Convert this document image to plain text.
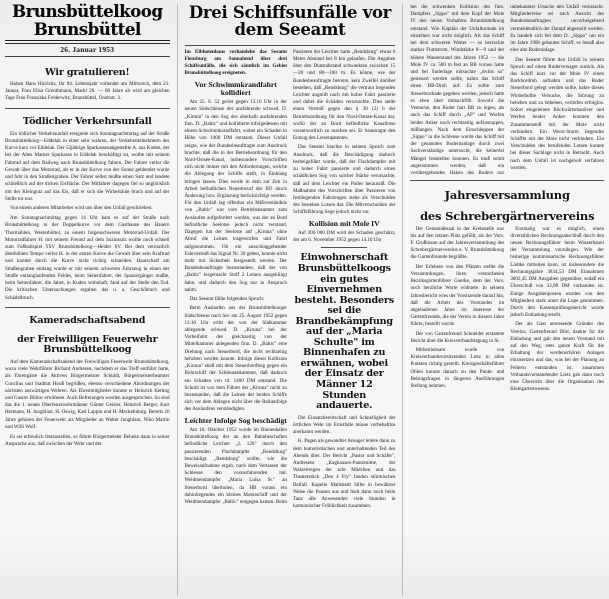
Brunsbüttelkoog
Brunsbüttel
26. Januar 1953
Wir gratulieren!

Haben Hans Hinrichs, Ihr 84. Lebensjahr vollendet am Mittwoch, dem 21. Januar, Frau Elisa Groothmann, Markt 28. — 80 Jahre alt wird am gleichen Tage Frau Franziska Frederwitz, Brunsbüttel, Oostrstr. 3.

Tödlicher Verkehrsunfall

Ein tödlicher Verkehrsunfall ereignete sich Sonntagnachmittag auf der Straße Brunsbüttelkoog—Eddelak in einer sehr wahren, der Verkehrsteilnehmern des Kurve kurz vor Eddelak. Der 52jährige Sparkassenangestellte A. aus Kuden, der bei der Altes Marner Sparkasse in Eddelak beschäftigt ist, wollte mit seinem Fahrrad auf dem Radweg nach Brunsbüttelkoog fahren. Der Fahrer verlor die Gewalt über das Motorrad, als er in der Kurve von der Sonne geblendet wurde und fuhr in den Straßengraben. Der Fahrer selbst mußte einen Satz und landete schließlich auf der dicken Eisfläche. Der Mitfahrer dagegen fiel so unglücklich mit der Kleingutz auf das Eis, daß er sich die Wirbelsäule brach und auf der Stelle tot war.

Von einem anderen Mitarbeiter wird uns über den Unfall geschrieben:

Am Sonntagnachmittag gegen 14 Uhr kam es auf der Straße nach Brunsbüttelkoog in der Doppelkurve vor dem Gasthause des Bauern Thormählen, Westerbüttel, zu einem folgenschweren Motorrad-Unfall. Der Motorradfahrer H. mit seinem Freund auf dem Soziussitz wollte noch schnell zum Fußballspiel TSV Brunsbüttelkoog—Heider SV. Bei dem vermutlich überhöhten Tempo verlor H. in der ersten Kurve die Gewalt über sein Kraftrad und konnte durch die Kurve nicht richtig schneiden. Haarscharf am Straßengraben entlang wurde er mit seinem schweren Fahrzeug in einen der Straße entlanglaufenden Feldes, beim Seitenfahrer, der Spaziergänger mußte, beim Seitenfahrer, die Jahre, in Kuden wohnhaft, fand auf der Stelle den Tod. Die kritischen Untersuchungen ergaben das u. a. Geschöbrach und Schädelbruch.

Kameradschaftsabend
der Freiwilligen Feuerwehr Brunsbüttelkoog

Auf dem Kameradschaftsabend der Freiwilligen Feuerwehr Brunsbüttelkoog, wozu viele Wehrführer Richard Andresen, nachdem er das Treff entführt hatte, als Ehrengäste die Aktiven Bürgermeister Schuldt, Bürgermeisterbeamter Conclius und Stadtrat Houß begrüßen, ebenso verschiedene Abordnungen der nächsten auswärtigen Wehren. Als Ehrenmitglieder konnte er Heinrich Ketting und Gustav Bülow erwähnen. Auch Befreiungen wurden ausgesprochen. So sind das die 1. neuen Oberfeuerwehrmänner Günter Geisler, Heinrich Berger, Kurt Hermann, H. Jungblaut, H. Oswig, Karl Lappin und H. Meckelnburg. Bereits 26 Jahre gehören der Feuerwehr als Mitglieder an Walter Jungblaut, Niko Martin und Willi Wolf.

Es sei erfreulich festzustellen, so führte Bürgermeister Behnke dann in seiner Ansprache aus, daß zwischen der Wehr und der

Drei Schiffsunfälle vor dem Seeamt

Im Elbhotenhaus verhandelte das Seeamt Flensburg am Sonnabend über drei Schiffsunfälle, die sich sämtlich im Gebiet Brunsbüttelkoog ereigneten.

Vor Schwimmkrandfahrt kollidiert

Am 25. 8. 52 geriet gegen 13.10 Uhr in der neuen Südschleuse der ausfahrende schwed. D. „Kiruna" in den Sog des oberhalb ausfahrenden finn. D. „Baltic" und kollidierte infolgedessen mit einem Schwimmkrandfahrt, wobei ein Schaden in Höhe von 1400 DM entstand. Dieser Unfall zeigte, wie der Bundesbeauftragte zum Ausdruck brachte, daß die in der Betriebsordnung für den Nord-Ostsee-Kanal, insbesondere Vorschriften sich nicht immer mit den Anforderungen, welche die Ablegung der Schiffe stellt, in Einklang bringen lassen. Dies werde in dem zur Zeit in Arbeit befindlichen Neuentwurf der BO durch Änderung bzw. Ergänzung berücksichtigt werden. Für den Unfall lag offenbar ein Mißverständnis von „Baltic" war vom Betriebsbeamter zum Auslaufen aufgefordert worden, was der an Bord befindliche Seelotse jedoch nicht verstand. Dagegen hat der Seelotse auf „Kiruna" ohne Abruf die Leinen losgeworfen und Fahrt aufgenommen. Ob ein ausschlaggebender Fahrverstoß das Signal Nr. 30 geben, konnte nicht mehr mit Sicherheit festgestellt werden. Der Bundesbeauftragte beanstandete, daß der von „Baltic" losgemacht Stoff 2 Leinen ausgeklingt habe, und dadurch den Sog nur in Anspruch nahm.

Das Seeamt fällte folgenden Spruch:

Beim Auslaufen aus der Brunsbüttelkooger Südschleuse nach Sec am 25. August 1952 gegen 13.10 Uhr erlitt der von der Südkammer ablegende schwed. D. „Kiruna" bei der Vorbeifahrt des gleichzeitig von der Mittelkammer ablegenden finn. D. „Baltic" eine Drehung nach Steuerbord, die nicht rechtzeitig behoben werden konnte. Infolge dieser Kollision „Kiruna" stieß mit dem Steuerbordbug gegen ein Bohrschiff der Schleusenkammer, daß dadurch ein Schaden von rd. 1400 DM entstand. Die Schuld ist von dem Führer der „Kiruna" nicht zu beanstanden, daß die Leinen der beiden Schiffe sich vor dem Ablegen nicht über die Reihenfolge des Auslaufens verständigten.

Leichter Infolge Sog beschädigt

Am 16. Oktober 1952 wurde im Binnenhafen Brunsbüttelkoog der an den Bahnbeschaften befindliche Leichter „L 120" durch den passierenden Flachdampfer „Rendsburg" beschädigt. „Rendsburg" wollte, wie die Beweisaufnahme ergab, nach dem Vertassen der Schleuse den vorausfahrenden ital. Weidmendampfer „Maria Luisa Sr." an Steuerbord überholen, da HB voraus ein dahinliegendes ein kleines Motorschiff und der Weidmendampfer „Baltic" entgegen kamen. Beim Passieren der Leichter hatte „Rendsburg" etwas 6 Meter Abstand bei 8 km gelaufen. Die Angaben über den Dunstabstand schwankten zwischen 15—20 und 80—100 m. Es könne, wie der Bundesbeauftragte betonte, kein Zweifel darüber bestehen, daß „Rendsburg" die vertraut liegenden Leichter angreift nach mit hoher Fahrt passierte und dabei die Schäden verursachte. Dies stelle einen Verstoß gegen den § 38 (2) b der Betriebsordnung für den Nord-Ostsee-Kanal dar, wofür der an Bord befindliche Kanallotse verantwortlich zu machen sei. Er beantragte den Entzug des Lotsenpatentes.

Das Seeamt brachte in seinem Spruch zum Ausdruck, daß die Beschädigung dadurch herbeigeführt wurde, daß der Flachdampfer mit zu hoher Fahrt passierte und dadurch einen schädlichen Sog von solcher Stärke verursachte, daß auf dem Leichter ein Puller herausriß. Die Maßnahme des Vorschriften über Passieren von festliegenden Fahrzeugen stehe als Verschulden des bestehen Lotsen dar. Die Mitverschulden der Schiffsführung liege jedoch nicht vor.

Kollision mit Mole IV

Auf 200 000 DM wird der Schaden geschätzt, der am 6. November 1952 gegen 14.10 Uhr

Einwohnerschaft Brunsbüttelkoogs ein gutes Einvernehmen besteht. Besonders sei die Brandbekämpfung auf der „Maria Schulte" im Binnenhafen zu erwähnen, wobei der Einsatz der Männer 12 Stunden andauerte.

Die Einsatzbereitschaft und Schnelligkeit der örtlichen Wehr im Ernstfalle müsse vorbehaltlos anerkannt werden.

K. Pagen als gewandter Ansager leitete dann zu dem humoristischen und unterhaltenden Teil des Abends über. Der Bericht „Pastor und Schäfer", Andresens „Kaghausen-Pantomime, der Walzerreigen der acht Mädchen und das Theaterstück „Den 4 Fry" fanden stürmischen Beifall. Kapelle Mahlstedt fällte in bewährter Weise die Pausen aus und hielt dann noch beim Tanz alle Anwesenden viele Stunden in harmonischer Fröhlichkeit zusammen.

bei der schwenken Kollision des finn. Dampfers „Sippo" mit dem Kopf der Mole IV den neuen Vorhafens Brunsbüttelkoog entstand. Wie Kapitän der Unfallurunde im einzelnen war nicht möglich. Als das Schiff bei dem schweren Wetter — so herzschie starker Fluttstrom, Windstärke 8—9 und der höhere Wasserstand des Jahres 1952 — die Mole IV ca. 500 m fest an BB voraus hatte und bei Suderlage mitsuchte „rechts so" gesteuert werden sollte, nahm das Schiff einen BB-Droh auf. Es sollte zum Steuerbordrade gegeben werden, jedoch hatte es eben über mitsuchfilb. Sowohl die Versuche, den Ruder hart BB zu legen, als auch das Schiff durch „AP" und Worfen beider Anker noch rechtzeitig aufzustoppen, mißlangen. Nach dem Einschleppen der „Sippo" in die Schleuse wurde das Schiff mit der genannten Budernanlage durch zwei Sachverständige untersucht, die keinerlei Mängel feststellen konnten. Es muß somit angenommen werden, daß ein vorübergehendes Haken des Ruders nur unbekannter Ursache den Unfall verursacht. Mitgliederreise sei nach Ansicht des Bundesbeauftragten unvorbeigehend vermeidendlich der Dampf abgestellt werden. Es handelt sich bei dem D. „Sippo" um ein im Jahre 1908 gebautes Schiff, es besaß also eine alte Ruderanlage.

Das Seeamt führte den Unfall in seinem Spruch auf einen Ruderversager zurück. Als das Schiff kurz vor der Mole IV einen Backbordroh aufnahm und das Ruder Steuerbord gelegt werden sollte, hakte dieses Wirderhollte Versuche, die Störung zu beheben und zu beheben, verliefen erfolglos. Sofort eingeleitete Rückwärtsmanöver und Werfen beider Anker konnten den Zusammenstoß mit der Mole nicht verhindern. Ein Werst-Sturm liegendes Schiffte mit der Mole nicht verhindern. Ein Verschulden des berufenden Lotsen konnte bei dieser Sachlage nicht in Betracht. Auch nach dem Unfall ist nachgeholt verfahren worden.

Jahresversammlung
des Schrebergärtnervereins

Der Gemeindesaal in der Kreisstelle war bis auf den letzten Platz gefüllt, als der Vors. F. Großmann auf der Jahresversammlung des Schrebergärtnervereins e. V. Brunsbüttelkoog die Gartenfreunde begrüßte.

Der Erlebens von den Plätzen stellte die Versammlungen, ihren verstorbenen Bezirksgartenführer Goerke, dem der Vors. noch herzliche Worte widmete. In seinem Jahresbericht wies der Vorsitzende darauf hin, daß die Arbeit des Vorstandes im abgelaufenen Jahre im Interesse der Gartenfreunde, die der Verein in diesem Jahre führte, bestellt wurde.

Der von Gartenfreund Schneider erstattete Bericht über die Kreisverbandstagung in St.

Mitbetriebsam wurde von Kreisverbandsvorsitzenden Lietz in allen Punkten richtig gestellt. Kreisgeschäftsführer Ohlen konnte danach zu den Punkt- und Beitragsfragen in längeren Ausführungen Stellung nehmen.

Erstmalig war es möglich, einen diversiblichen Rechnungsabschluß durch den neuen Rechnungsführer beim Wasserbaunt der Versammlung vorzulegen. Wie der bisherige kommissarische Rechnungsführer Lüdtke mitteilen kann, ist insbesondere die Rechnungsjahre 3834,53 DM Einnahmen 3802,45 DM Ausgaben gegenüber, sodaß ein Überschuß von 32,08 DM vorhanden ist. Einige Ausgabenposten wurden von den Mitgliedern stark unter die Lupe genommen. Durch den Kassenprüfungsbericht wurde jedoch Entlastung erteilt.

Der als Gast anwesende Gründer des Vereins, Gartenfreund Dürr, dankte für die Einladung und gab den neuen Vorstand mit auf den Weg, stets ganze Kraft für die Erhaltung der werdenschören Anlagen einzusetzen und das, was bei der Planung an Fehlern entstanden ist, zusammen Verbandsvorstandender Lietz gab dann noch eine Übersicht über die Organisation des Kleingartenwesens.
